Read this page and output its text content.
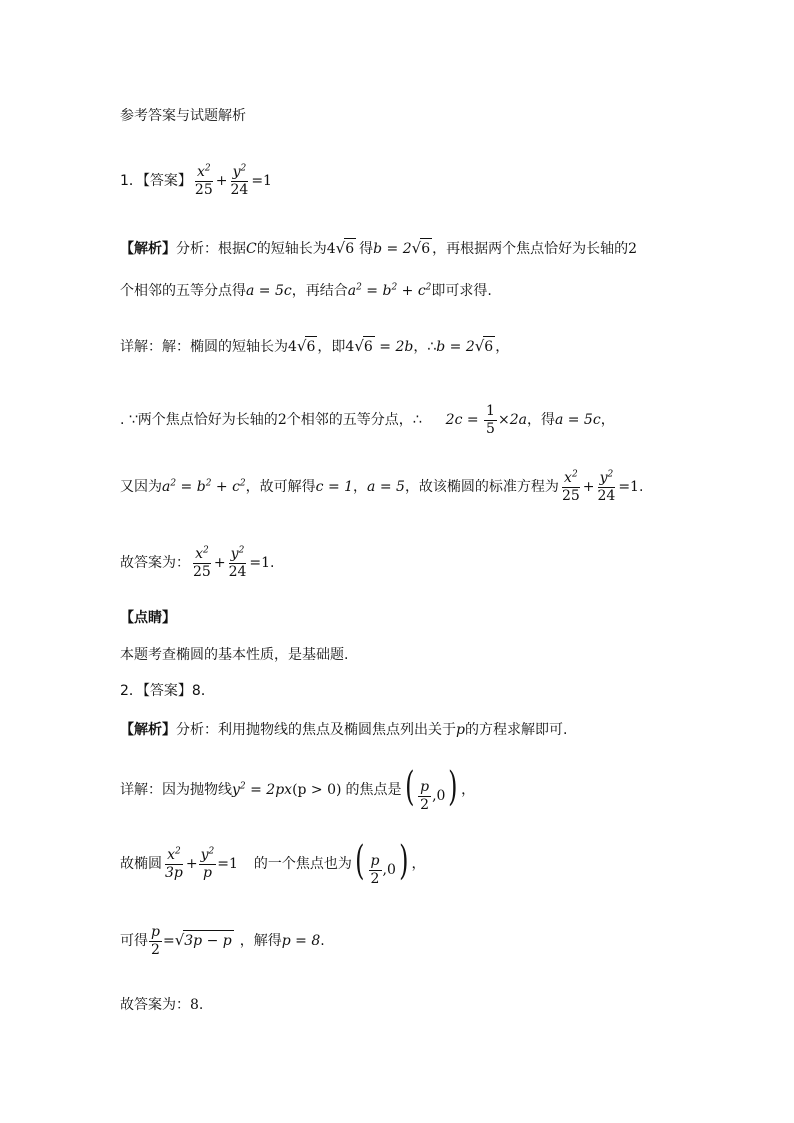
参考答案与试题解析
1．【答案】 $\frac{x^2}{25} + \frac{y^2}{24} =1$
【解析】 分析：根据 C 的短轴长为 4 √ 6 得 b = 2 √ 6 ，再根据两个焦点恰好为长轴的 2
个相邻的五等分点得 a = 5c ，再结合 $a^2 = b^2 + c^2$ 即可求得.
详解：解：椭圆的短轴长为 4 √ 6 ，即 4 √ 6 = 2b ，∴ b = 2 √ 6 ，
. ∵两个焦点恰好为长轴的 2 个相邻的五等分点，∴ $2c = \frac{1}{5} \times 2a$ ，得 a = 5c ，
又因为 $a^2 = b^2 + c^2$ ，故可解得 c = 1 ， a = 5 ，故该椭圆的标准方程为 $\frac{x^2}{25} + \frac{y^2}{24} =1$ .
故答案为： $\frac{x^2}{25} + \frac{y^2}{24} =1$ .
【点睛】
本题考查椭圆的基本性质，是基础题.
2．【答案】8．
【解析】 分析：利用抛物线的焦点及椭圆焦点列出关于 p 的方程求解即可.
详解：因为抛物线 $y^2 = 2px(p > 0)$ 的焦点是 ( $\frac{p}{2} ,0$) ，
故椭圆 $\frac{x^2}{3p} + \frac{y^2}{p} =1$ 的一个焦点也为 ( $\frac{p}{2} ,0$) ，
可得 $\frac{p}{2}$ = √ 3p − p ，解得 p = 8 .
故答案为： 8 .
